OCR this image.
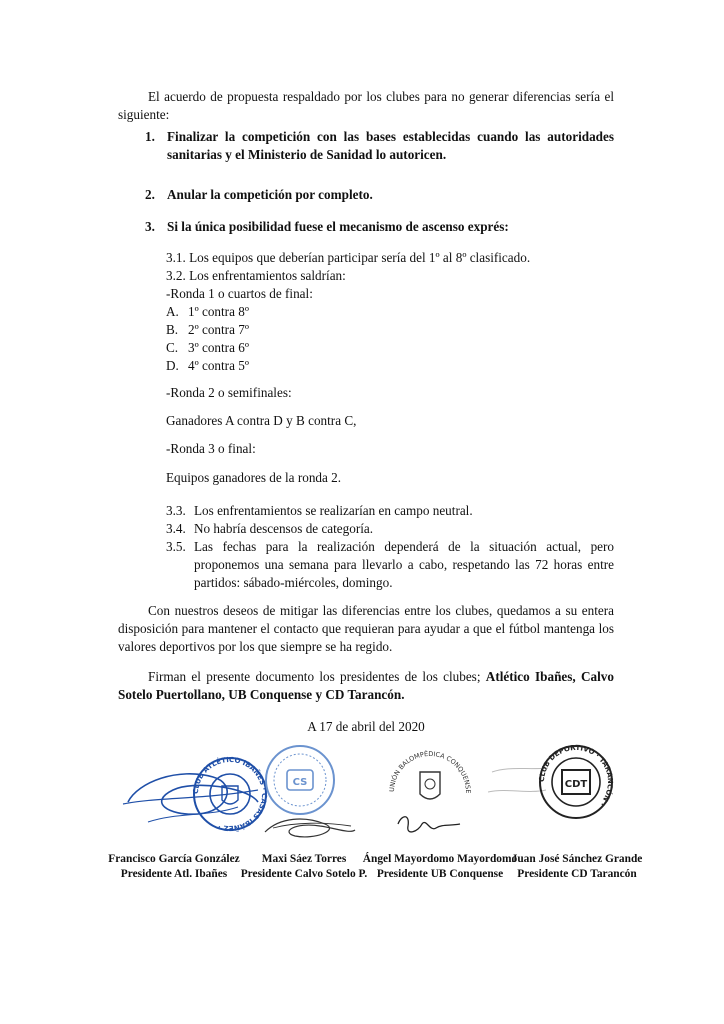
El acuerdo de propuesta respaldado por los clubes para no generar diferencias sería el siguiente:

1. Finalizar la competición con las bases establecidas cuando las autoridades sanitarias y el Ministerio de Sanidad lo autoricen.
2. Anular la competición por completo.
3. Si la única posibilidad fuese el mecanismo de ascenso exprés:
3.1. Los equipos que deberían participar sería del 1º al 8º clasificado.
3.2. Los enfrentamientos saldrían:
-Ronda 1 o cuartos de final:
A. 1º contra 8º
B. 2º contra 7º
C. 3º contra 6º
D. 4º contra 5º
-Ronda 2 o semifinales:
Ganadores A contra D y B contra C,
-Ronda 3 o final:
Equipos ganadores de la ronda 2.
3.3. Los enfrentamientos se realizarían en campo neutral.
3.4. No habría descensos de categoría.
3.5. Las fechas para la realización dependerá de la situación actual, pero proponemos una semana para llevarlo a cabo, respetando las 72 horas entre partidos: sábado-miércoles, domingo.

Con nuestros deseos de mitigar las diferencias entre los clubes, quedamos a su entera disposición para mantener el contacto que requieran para ayudar a que el fútbol mantenga los valores deportivos por los que siempre se ha regido.

Firman el presente documento los presidentes de los clubes; Atlético Ibañes, Calvo Sotelo Puertollano, UB Conquense y CD Tarancón.

A 17 de abril del 2020
CLUB ATLÉTICO IBAÑES · CASAS IBÁÑEZ ·
CS
UNIÓN BALOMPÉDICA CONQUENSE
CLUB DEPORTIVO · TARANCÓN ·
CDT
Francisco García González
Presidente Atl. Ibañes
Maxi Sáez Torres
Presidente Calvo Sotelo P.
Ángel Mayordomo Mayordomo
Presidente UB Conquense
Juan José Sánchez Grande
Presidente CD Tarancón
